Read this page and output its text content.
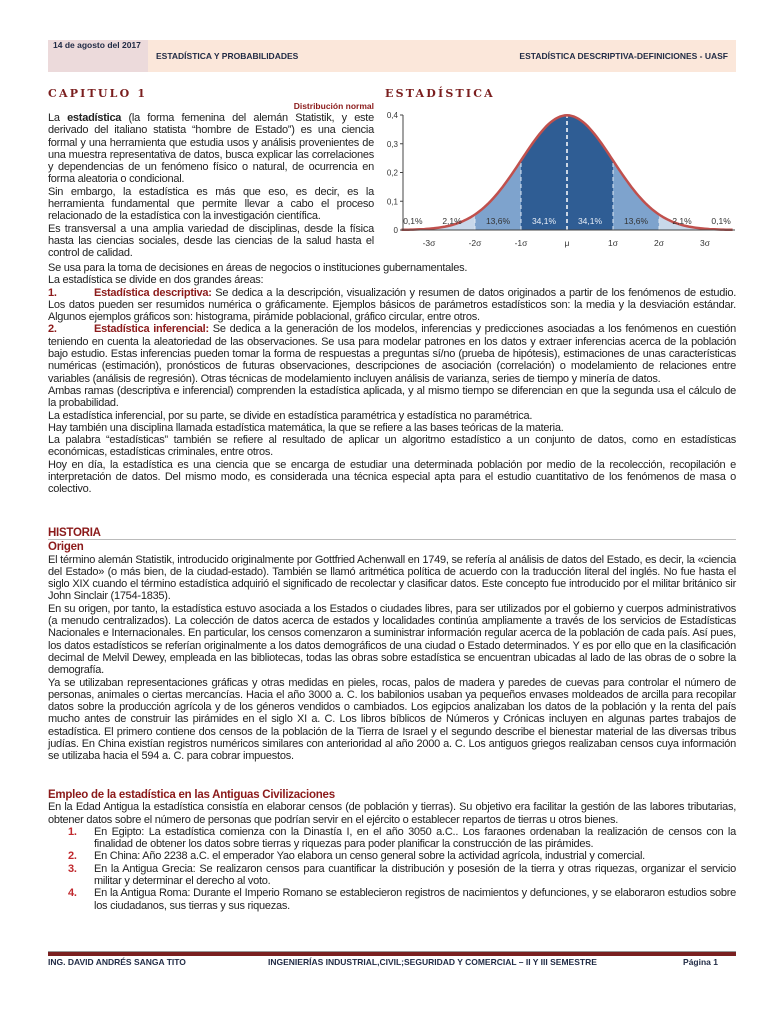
14 de agosto del 2017
ESTADÍSTICA Y PROBABILIDADES	ESTADÍSTICA DESCRIPTIVA-DEFINICIONES - UASF
CAPITULO 1	ESTADÍSTICA
Distribución normal

La estadística (la forma femenina del alemán Statistik, y este derivado del italiano statista “hombre de Estado”) es una ciencia formal y una herramienta que estudia usos y análisis provenientes de una muestra representativa de datos, busca explicar las correlaciones y dependencias de un fenómeno físico o natural, de ocurrencia en forma aleatoria o condicional.

Sin embargo, la estadística es más que eso, es decir, es la herramienta fundamental que permite llevar a cabo el proceso relacionado de la estadística con la investigación científica.

Es transversal a una amplia variedad de disciplinas, desde la física hasta las ciencias sociales, desde las ciencias de la salud hasta el control de calidad.

0
0,1
0,2
0,3
0,4
-3σ	-2σ	-1σ	μ	1σ	2σ	3σ
0,1% 2,1%	13,6%	34,1%	34,1%	13,6%	2,1% 0,1%

Se usa para la toma de decisiones en áreas de negocios o instituciones gubernamentales.

La estadística se divide en dos grandes áreas:

1.	Estadística descriptiva: Se dedica a la descripción, visualización y resumen de datos originados a partir de los fenómenos de estudio. Los datos pueden ser resumidos numérica o gráficamente. Ejemplos básicos de parámetros estadísticos son: la media y la desviación estándar. Algunos ejemplos gráficos son: histograma, pirámide poblacional, gráfico circular, entre otros.
2.	Estadística inferencial: Se dedica a la generación de los modelos, inferencias y predicciones asociadas a los fenómenos en cuestión teniendo en cuenta la aleatoriedad de las observaciones. Se usa para modelar patrones en los datos y extraer inferencias acerca de la población bajo estudio. Estas inferencias pueden tomar la forma de respuestas a preguntas sí/no (prueba de hipótesis), estimaciones de unas características numéricas (estimación), pronósticos de futuras observaciones, descripciones de asociación (correlación) o modelamiento de relaciones entre variables (análisis de regresión). Otras técnicas de modelamiento incluyen análisis de varianza, series de tiempo y minería de datos.

Ambas ramas (descriptiva e inferencial) comprenden la estadística aplicada, y al mismo tiempo se diferencian en que la segunda usa el cálculo de la probabilidad.

La estadística inferencial, por su parte, se divide en estadística paramétrica y estadística no paramétrica.

Hay también una disciplina llamada estadística matemática, la que se refiere a las bases teóricas de la materia.

La palabra “estadísticas” también se refiere al resultado de aplicar un algoritmo estadístico a un conjunto de datos, como en estadísticas económicas, estadísticas criminales, entre otros.

Hoy en día, la estadística es una ciencia que se encarga de estudiar una determinada población por medio de la recolección, recopilación e interpretación de datos. Del mismo modo, es considerada una técnica especial apta para el estudio cuantitativo de los fenómenos de masa o colectivo.

HISTORIA
Origen

El término alemán Statistik, introducido originalmente por Gottfried Achenwall en 1749, se refería al análisis de datos del Estado, es decir, la «ciencia del Estado» (o más bien, de la ciudad-estado). También se llamó aritmética política de acuerdo con la traducción literal del inglés. No fue hasta el siglo XIX cuando el término estadística adquirió el significado de recolectar y clasificar datos. Este concepto fue introducido por el militar británico sir John Sinclair (1754-1835).

En su origen, por tanto, la estadística estuvo asociada a los Estados o ciudades libres, para ser utilizados por el gobierno y cuerpos administrativos (a menudo centralizados). La colección de datos acerca de estados y localidades continúa ampliamente a través de los servicios de Estadísticas Nacionales e Internacionales. En particular, los censos comenzaron a suministrar información regular acerca de la población de cada país. Así pues, los datos estadísticos se referían originalmente a los datos demográficos de una ciudad o Estado determinados. Y es por ello que en la clasificación decimal de Melvil Dewey, empleada en las bibliotecas, todas las obras sobre estadística se encuentran ubicadas al lado de las obras de o sobre la demografía.

Ya se utilizaban representaciones gráficas y otras medidas en pieles, rocas, palos de madera y paredes de cuevas para controlar el número de personas, animales o ciertas mercancías. Hacia el año 3000 a. C. los babilonios usaban ya pequeños envases moldeados de arcilla para recopilar datos sobre la producción agrícola y de los géneros vendidos o cambiados. Los egipcios analizaban los datos de la población y la renta del país mucho antes de construir las pirámides en el siglo XI a. C. Los libros bíblicos de Números y Crónicas incluyen en algunas partes trabajos de estadística. El primero contiene dos censos de la población de la Tierra de Israel y el segundo describe el bienestar material de las diversas tribus judías. En China existían registros numéricos similares con anterioridad al año 2000 a. C. Los antiguos griegos realizaban censos cuya información se utilizaba hacia el 594 a. C. para cobrar impuestos.

Empleo de la estadística en las Antiguas Civilizaciones

En la Edad Antigua la estadística consistía en elaborar censos (de población y tierras). Su objetivo era facilitar la gestión de las labores tributarias, obtener datos sobre el número de personas que podrían servir en el ejército o establecer repartos de tierras u otros bienes.

1.	En Egipto: La estadística comienza con la Dinastía I, en el año 3050 a.C.. Los faraones ordenaban la realización de censos con la finalidad de obtener los datos sobre tierras y riquezas para poder planificar la construcción de las pirámides.
2.	En China: Año 2238 a.C. el emperador Yao elabora un censo general sobre la actividad agrícola, industrial y comercial.
3.	En la Antigua Grecia: Se realizaron censos para cuantificar la distribución y posesión de la tierra y otras riquezas, organizar el servicio militar y determinar el derecho al voto.
4.	En la Antigua Roma: Durante el Imperio Romano se establecieron registros de nacimientos y defunciones, y se elaboraron estudios sobre los ciudadanos, sus tierras y sus riquezas.
ING. DAVID ANDRÉS SANGA TITO	INGENIERÍAS INDUSTRIAL,CIVIL;SEGURIDAD Y COMERCIAL – II Y III SEMESTRE	Página 1
